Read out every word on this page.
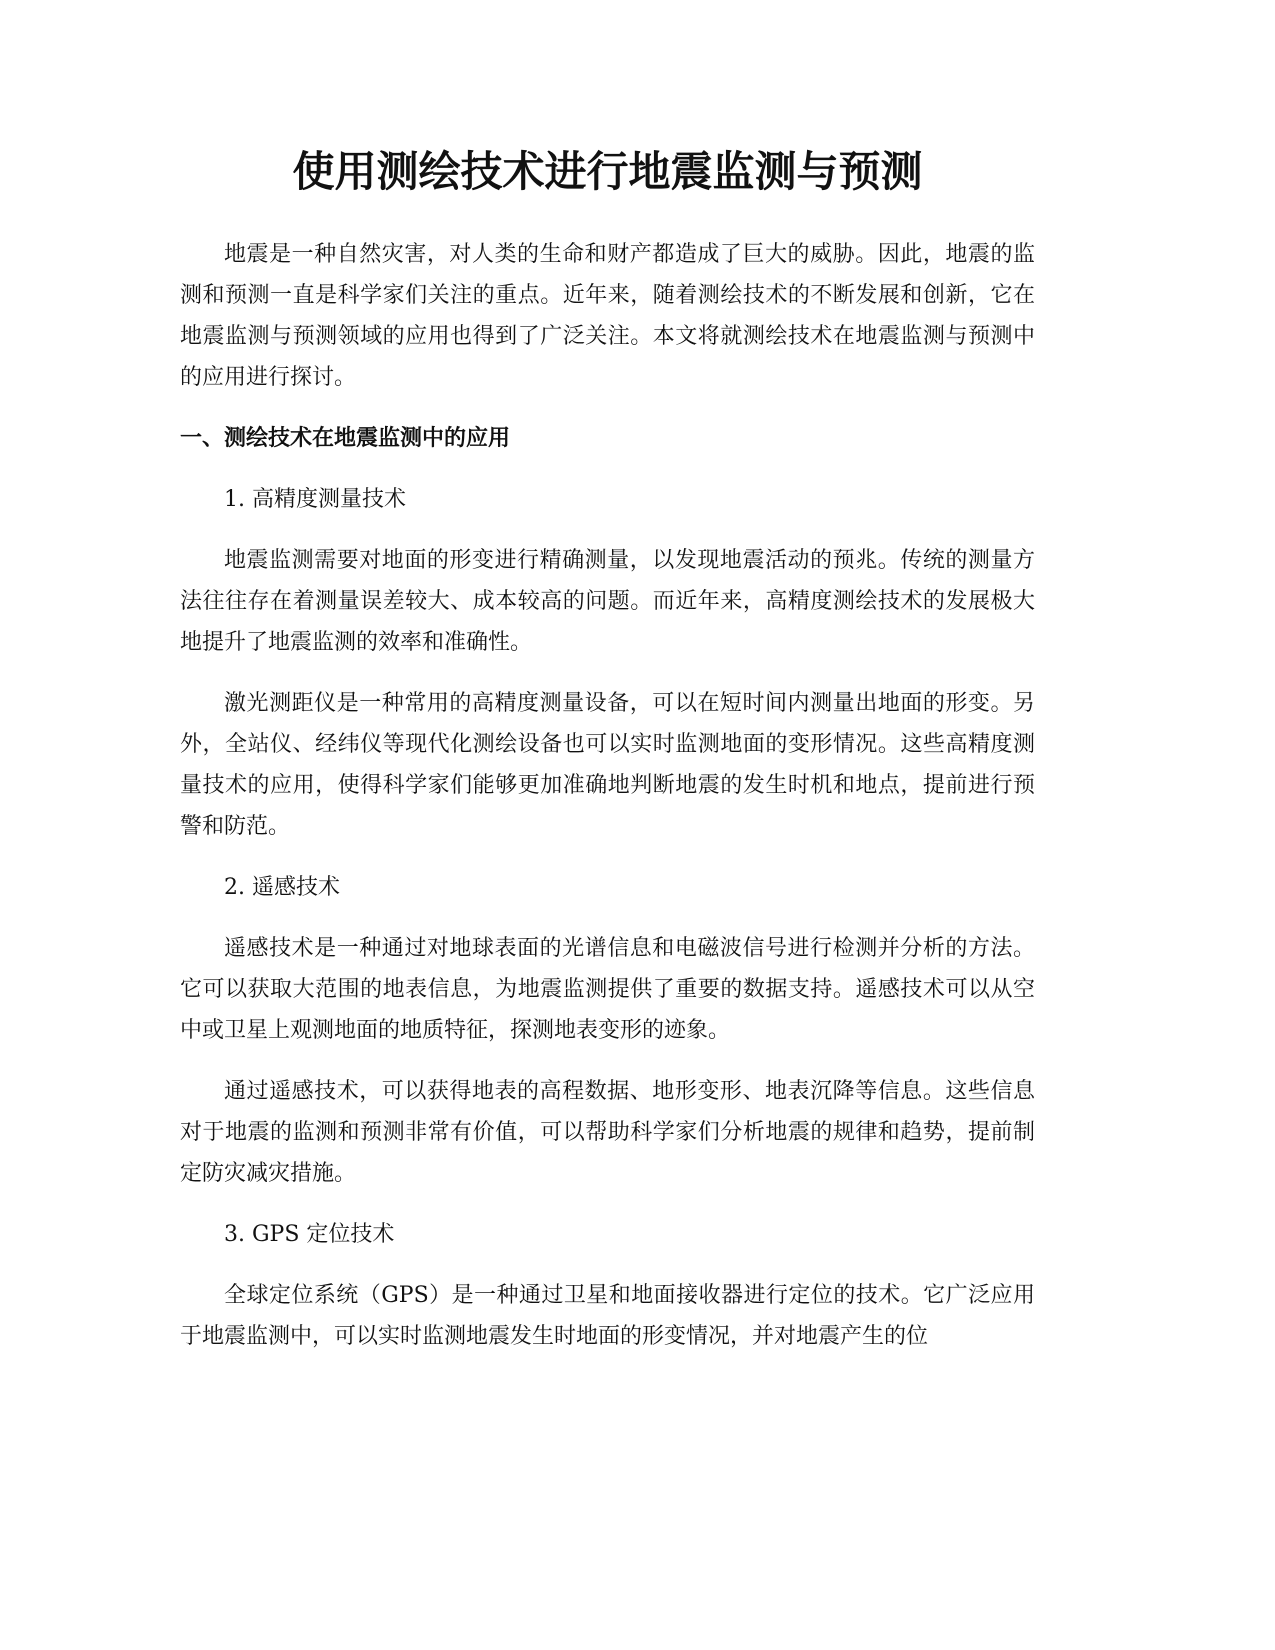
使用测绘技术进行地震监测与预测

地震是一种自然灾害，对人类的生命和财产都造成了巨大的威胁。因此，地震的监测和预测一直是科学家们关注的重点。近年来，随着测绘技术的不断发展和创新，它在地震监测与预测领域的应用也得到了广泛关注。本文将就测绘技术在地震监测与预测中的应用进行探讨。

一、测绘技术在地震监测中的应用

1. 高精度测量技术

地震监测需要对地面的形变进行精确测量，以发现地震活动的预兆。传统的测量方法往往存在着测量误差较大、成本较高的问题。而近年来，高精度测绘技术的发展极大地提升了地震监测的效率和准确性。

激光测距仪是一种常用的高精度测量设备，可以在短时间内测量出地面的形变。另外，全站仪、经纬仪等现代化测绘设备也可以实时监测地面的变形情况。这些高精度测量技术的应用，使得科学家们能够更加准确地判断地震的发生时机和地点，提前进行预警和防范。

2. 遥感技术

遥感技术是一种通过对地球表面的光谱信息和电磁波信号进行检测并分析的方法。它可以获取大范围的地表信息，为地震监测提供了重要的数据支持。遥感技术可以从空中或卫星上观测地面的地质特征，探测地表变形的迹象。

通过遥感技术，可以获得地表的高程数据、地形变形、地表沉降等信息。这些信息对于地震的监测和预测非常有价值，可以帮助科学家们分析地震的规律和趋势，提前制定防灾减灾措施。

3. GPS 定位技术

全球定位系统（GPS）是一种通过卫星和地面接收器进行定位的技术。它广泛应用于地震监测中，可以实时监测地震发生时地面的形变情况，并对地震产生的位
